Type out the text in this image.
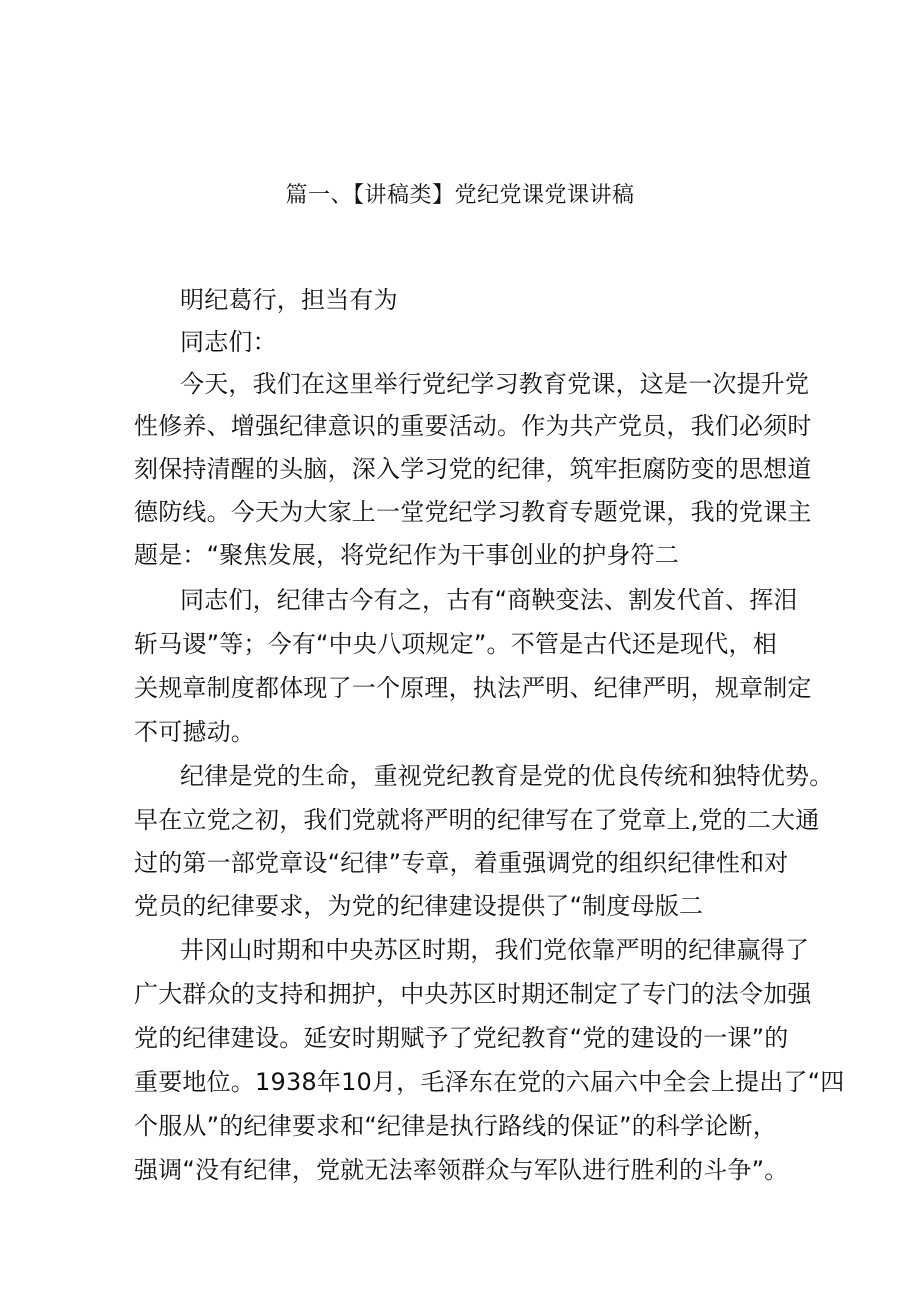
篇一、【讲稿类】党纪党课党课讲稿
明纪葛行，担当有为
同志们：
今天，我们在这里举行党纪学习教育党课，这是一次提升党
性修养、增强纪律意识的重要活动。作为共产党员，我们必须时
刻保持清醒的头脑，深入学习党的纪律，筑牢拒腐防变的思想道
德防线。今天为大家上一堂党纪学习教育专题党课，我的党课主
题是：“聚焦发展，将党纪作为干事创业的护身符二
同志们，纪律古今有之，古有“商鞅变法、割发代首、挥泪
斩马谡”等；今有“中央八项规定”。不管是古代还是现代，相
关规章制度都体现了一个原理，执法严明、纪律严明，规章制定
不可撼动。
纪律是党的生命，重视党纪教育是党的优良传统和独特优势。
早在立党之初，我们党就将严明的纪律写在了党章上,党的二大通
过的第一部党章设“纪律”专章，着重强调党的组织纪律性和对
党员的纪律要求，为党的纪律建设提供了“制度母版二
井冈山时期和中央苏区时期，我们党依靠严明的纪律赢得了
广大群众的支持和拥护，中央苏区时期还制定了专门的法令加强
党的纪律建设。延安时期赋予了党纪教育“党的建设的一课”的
重要地位。1938年10月，毛泽东在党的六届六中全会上提出了“四
个服从”的纪律要求和“纪律是执行路线的保证”的科学论断，
强调“没有纪律，党就无法率领群众与军队进行胜利的斗争”。
